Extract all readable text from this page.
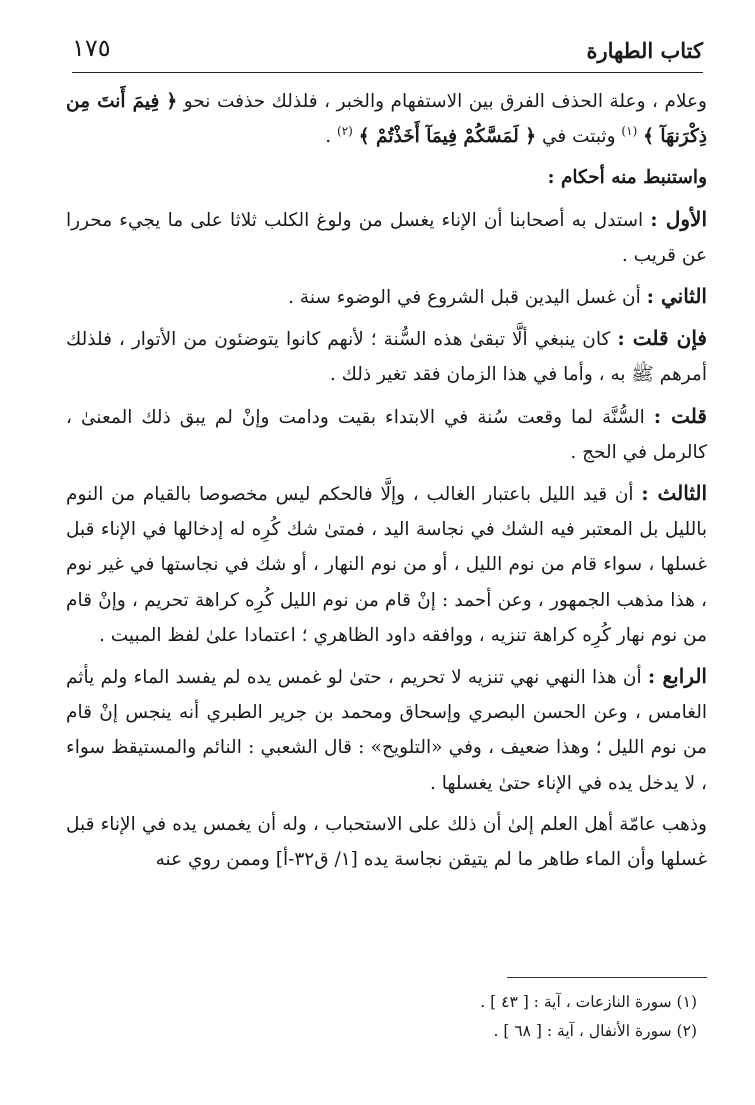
كتاب الطهارة
١٧٥

وعلام ، وعلة الحذف الفرق بين الاستفهام والخبر ، فلذلك حذفت نحو ﴿ فِيمَ أَنتَ مِن ذِكْرَنهَآ ﴾ $^{(١)}$ وثبتت في ﴿ لَمَسَّكُمْ فِيمَآ أَخَذْتُمْ ﴾ $^{(٢)}$ .

واستنبط منه أحكام :

الأول : استدل به أصحابنا أن الإناء يغسل من ولوغ الكلب ثلاثا على ما يجيء محررا عن قريب .

الثاني : أن غسل اليدين قبل الشروع في الوضوء سنة .

فإن قلت : كان ينبغي ألَّا تبقىٰ هذه السُّنة ؛ لأنهم كانوا يتوضئون من الأتوار ، فلذلك أمرهم ﷺ به ، وأما في هذا الزمان فقد تغير ذلك .

قلت : السُّنَّة لما وقعت سُنة في الابتداء بقيت ودامت وإنْ لم يبق ذلك المعنىٰ ، كالرمل في الحج .

الثالث : أن قيد الليل باعتبار الغالب ، وإلَّا فالحكم ليس مخصوصا بالقيام من النوم بالليل بل المعتبر فيه الشك في نجاسة اليد ، فمتىٰ شك كُرِه له إدخالها في الإناء قبل غسلها ، سواء قام من نوم الليل ، أو من نوم النهار ، أو شك في نجاستها في غير نوم ، هذا مذهب الجمهور ، وعن أحمد : إنْ قام من نوم الليل كُرِه كراهة تحريم ، وإنْ قام من نوم نهار كُرِه كراهة تنزيه ، ووافقه داود الظاهري ؛ اعتمادا علىٰ لفظ المبيت .

الرابع : أن هذا النهي نهي تنزيه لا تحريم ، حتىٰ لو غمس يده لم يفسد الماء ولم يأثم الغامس ، وعن الحسن البصري وإسحاق ومحمد بن جرير الطبري أنه ينجس إنْ قام من نوم الليل ؛ وهذا ضعيف ، وفي «التلويح» : قال الشعبي : النائم والمستيقظ سواء ، لا يدخل يده في الإناء حتىٰ يغسلها .

وذهب عامّة أهل العلم إلىٰ أن ذلك على الاستحباب ، وله أن يغمس يده في الإناء قبل غسلها وأن الماء طاهر ما لم يتيقن نجاسة يده [١/ ق٣٢-أ] وممن روي عنه

(١) سورة النازعات ، آية : [ ٤٣ ] .
(٢) سورة الأنفال ، آية : [ ٦٨ ] .
